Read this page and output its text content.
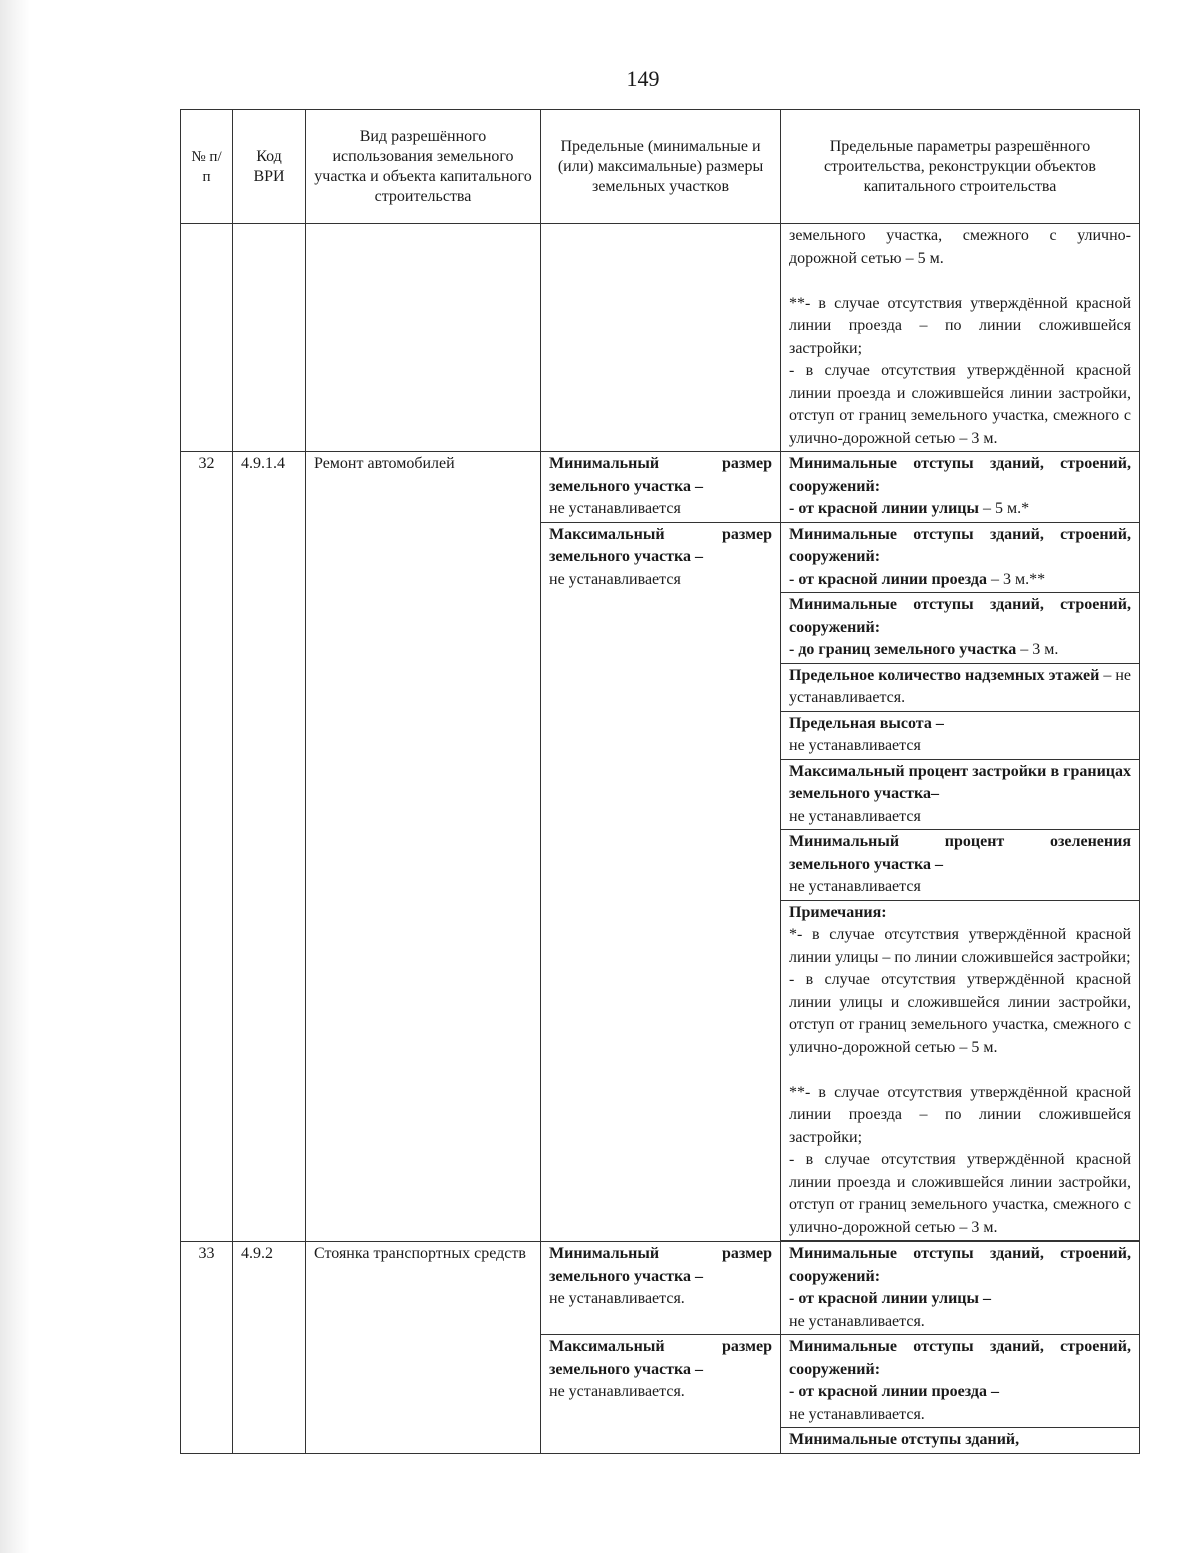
149
№ п/п	Код ВРИ	Вид разрешённого использования земельного участка и объекта капитального строительства	Предельные (минимальные и (или) максимальные) размеры земельных участков	Предельные параметры разрешённого строительства, реконструкции объектов капитального строительства

				земельного участка, смежного с улично-дорожной сетью – 5 м.
**- в случае отсутствия утверждённой красной линии проезда – по линии сложившейся застройки;
- в случае отсутствия утверждённой красной линии проезда и сложившейся линии застройки, отступ от границ земельного участка, смежного с улично-дорожной сетью – 3 м.

32	4.9.1.4	Ремонт автомобилей	Минимальный размер земельного участка –
не устанавливается	Минимальные отступы зданий, строений, сооружений:
- от красной линии улицы – 5 м.*
			Максимальный размер земельного участка –
не устанавливается	Минимальные отступы зданий, строений, сооружений:
- от красной линии проезда – 3 м.**
				Минимальные отступы зданий, строений, сооружений:
- до границ земельного участка – 3 м.
				Предельное количество надземных этажей – не устанавливается.
				Предельная высота –
не устанавливается
				Максимальный процент застройки в границах земельного участка–
не устанавливается
				Минимальный процент озеленения земельного участка –
не устанавливается
				Примечания:
*- в случае отсутствия утверждённой красной линии улицы – по линии сложившейся застройки;
- в случае отсутствия утверждённой красной линии улицы и сложившейся линии застройки, отступ от границ земельного участка, смежного с улично-дорожной сетью – 5 м.
**- в случае отсутствия утверждённой красной линии проезда – по линии сложившейся застройки;
- в случае отсутствия утверждённой красной линии проезда и сложившейся линии застройки, отступ от границ земельного участка, смежного с улично-дорожной сетью – 3 м.

33	4.9.2	Стоянка транспортных средств	Минимальный размер земельного участка –
не устанавливается.	Минимальные отступы зданий, строений, сооружений:
- от красной линии улицы –
не устанавливается.
			Максимальный размер земельного участка –
не устанавливается.	Минимальные отступы зданий, строений, сооружений:
- от красной линии проезда –
не устанавливается.
				Минимальные отступы зданий,
